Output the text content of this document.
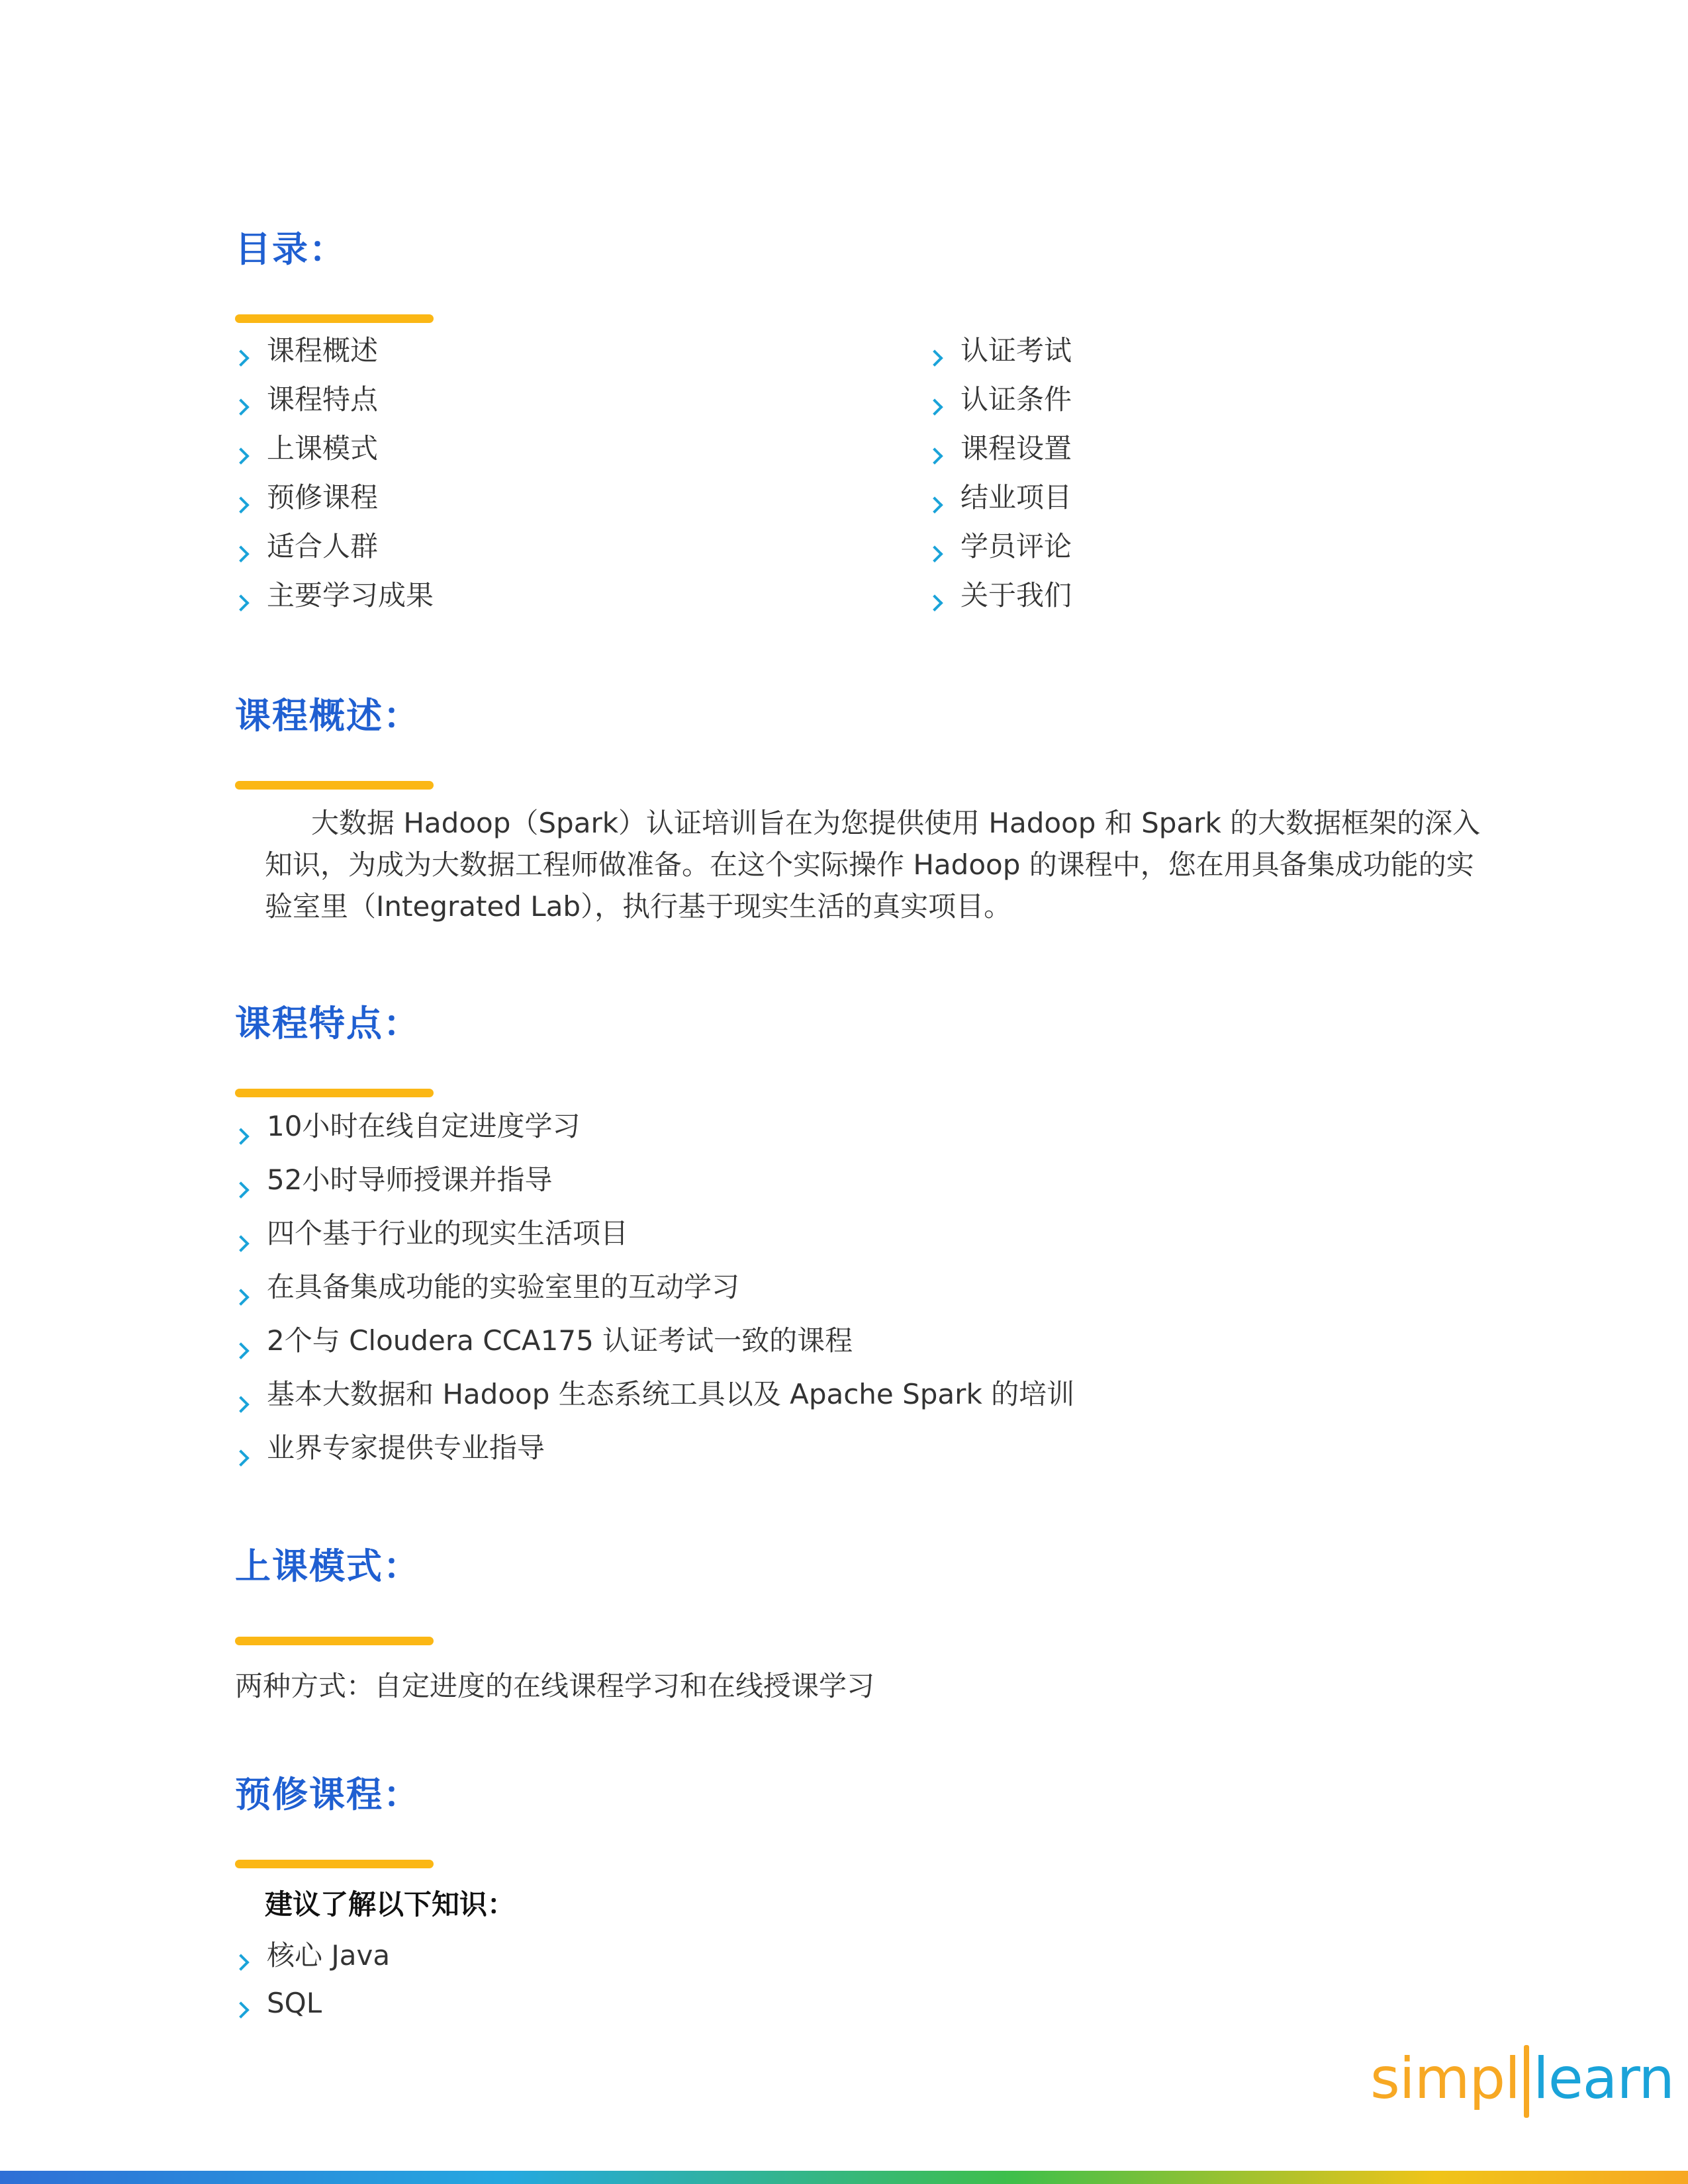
目录：
课程概述
课程特点
上课模式
预修课程
适合人群
主要学习成果
认证考试
认证条件
课程设置
结业项目
学员评论
关于我们
课程概述：

大数据 Hadoop（Spark）认证培训旨在为您提供使用 Hadoop 和 Spark 的大数据框架的深入知识，为成为大数据工程师做准备。在这个实际操作 Hadoop 的课程中，您在用具备集成功能的实验室里（Integrated Lab），执行基于现实生活的真实项目。

课程特点：
10小时在线自定进度学习
52小时导师授课并指导
四个基于行业的现实生活项目
在具备集成功能的实验室里的互动学习
2个与 Cloudera CCA175 认证考试一致的课程
基本大数据和 Hadoop 生态系统工具以及 Apache Spark 的培训
业界专家提供专业指导
上课模式：

两种方式：自定进度的在线课程学习和在线授课学习

预修课程：

建议了解以下知识：

核心 Java
SQL
simpl learn
